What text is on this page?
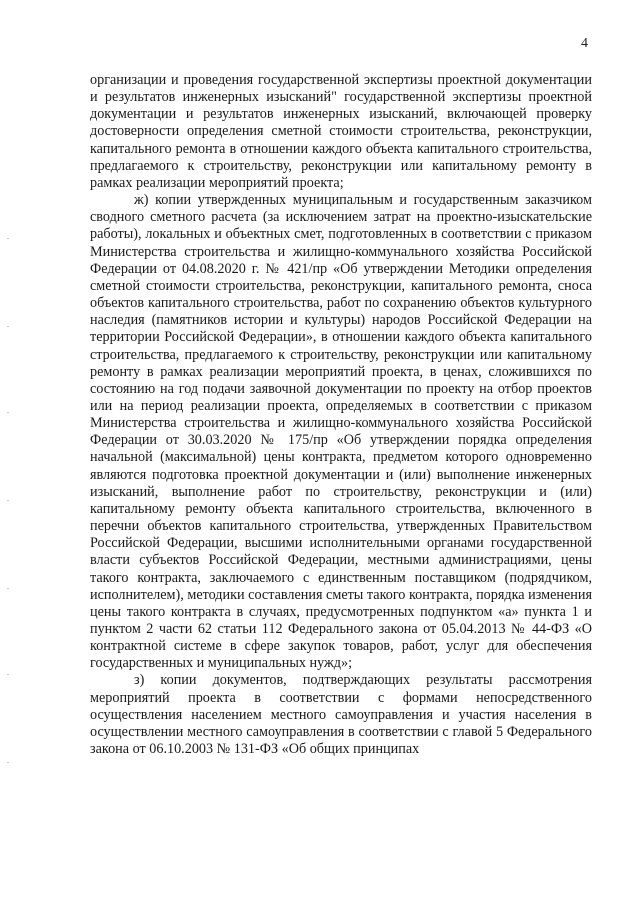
4

организации и проведения государственной экспертизы проектной документации и результатов инженерных изысканий" государственной экспертизы проектной документации и результатов инженерных изысканий, включающей проверку достоверности определения сметной стоимости строительства, реконструкции, капитального ремонта в отношении каждого объекта капитального строительства, предлагаемого к строительству, реконструкции или капитальному ремонту в рамках реализации мероприятий проекта;

ж) копии утвержденных муниципальным и государственным заказчиком сводного сметного расчета (за исключением затрат на проектно-изыскательские работы), локальных и объектных смет, подготовленных в соответствии с приказом Министерства строительства и жилищно-коммунального хозяйства Российской Федерации от 04.08.2020 г. № 421/пр «Об утверждении Методики определения сметной стоимости строительства, реконструкции, капитального ремонта, сноса объектов капитального строительства, работ по сохранению объектов культурного наследия (памятников истории и культуры) народов Российской Федерации на территории Российской Федерации», в отношении каждого объекта капитального строительства, предлагаемого к строительству, реконструкции или капитальному ремонту в рамках реализации мероприятий проекта, в ценах, сложившихся по состоянию на год подачи заявочной документации по проекту на отбор проектов или на период реализации проекта, определяемых в соответствии с приказом Министерства строительства и жилищно-коммунального хозяйства Российской Федерации от 30.03.2020 № 175/пр «Об утверждении порядка определения начальной (максимальной) цены контракта, предметом которого одновременно являются подготовка проектной документации и (или) выполнение инженерных изысканий, выполнение работ по строительству, реконструкции и (или) капитальному ремонту объекта капитального строительства, включенного в перечни объектов капитального строительства, утвержденных Правительством Российской Федерации, высшими исполнительными органами государственной власти субъектов Российской Федерации, местными администрациями, цены такого контракта, заключаемого с единственным поставщиком (подрядчиком, исполнителем), методики составления сметы такого контракта, порядка изменения цены такого контракта в случаях, предусмотренных подпунктом «а» пункта 1 и пунктом 2 части 62 статьи 112 Федерального закона от 05.04.2013 № 44-ФЗ «О контрактной системе в сфере закупок товаров, работ, услуг для обеспечения государственных и муниципальных нужд»;

з) копии документов, подтверждающих результаты рассмотрения мероприятий проекта в соответствии с формами непосредственного осуществления населением местного самоуправления и участия населения в осуществлении местного самоуправления в соответствии с главой 5 Федерального закона от 06.10.2003 № 131-ФЗ «Об общих принципах
